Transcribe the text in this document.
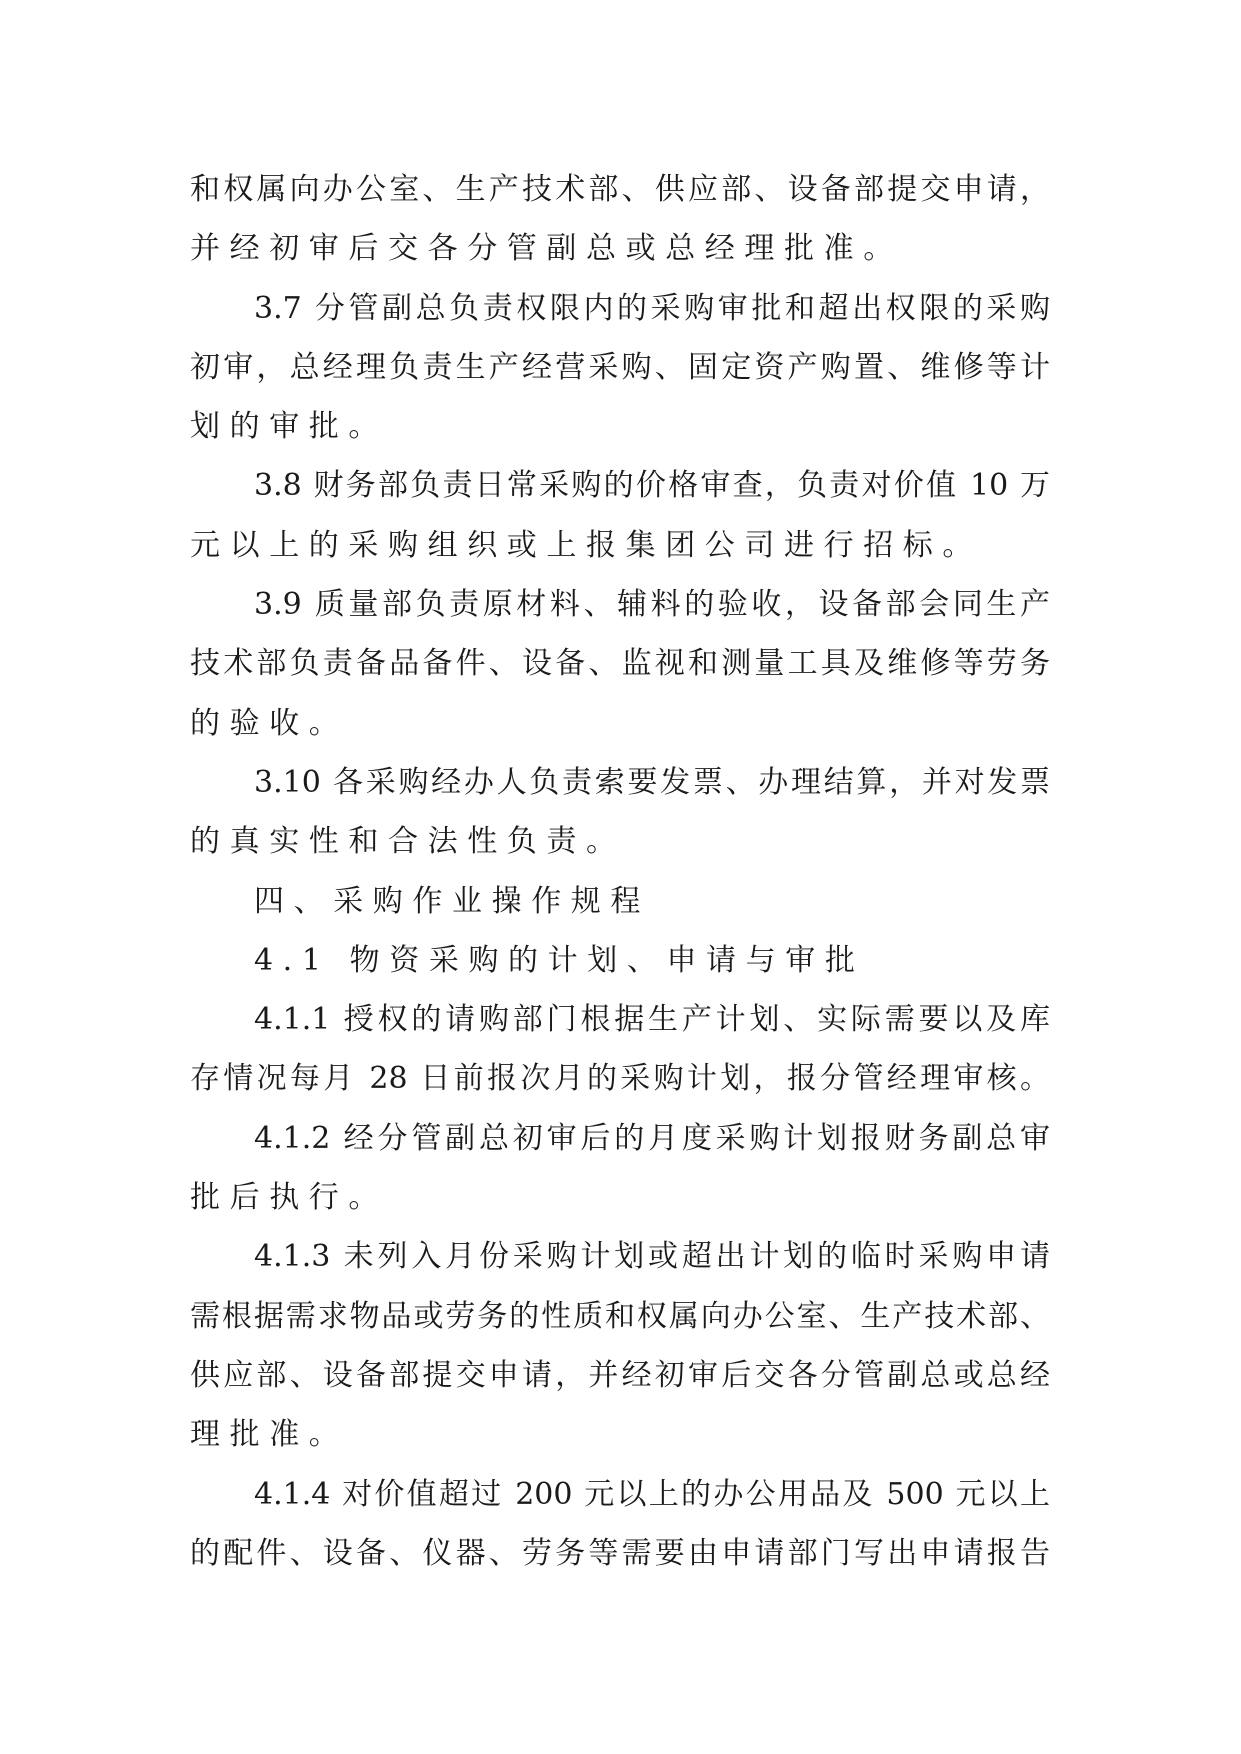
和权属向办公室、生产技术部、供应部、设备部提交申请，
并经初审后交各分管副总或总经理批准。
3.7 分管副总负责权限内的采购审批和超出权限的采购
初审，总经理负责生产经营采购、固定资产购置、维修等计
划的审批。
3.8 财务部负责日常采购的价格审查，负责对价值 10 万
元以上的采购组织或上报集团公司进行招标。
3.9 质量部负责原材料、辅料的验收，设备部会同生产
技术部负责备品备件、设备、监视和测量工具及维修等劳务
的验收。
3.10 各采购经办人负责索要发票、办理结算，并对发票
的真实性和合法性负责。
四、采购作业操作规程
4.1 物资采购的计划、申请与审批
4.1.1 授权的请购部门根据生产计划、实际需要以及库
存情况每月 28 日前报次月的采购计划，报分管经理审核。
4.1.2 经分管副总初审后的月度采购计划报财务副总审
批后执行。
4.1.3 未列入月份采购计划或超出计划的临时采购申请
需根据需求物品或劳务的性质和权属向办公室、生产技术部、
供应部、设备部提交申请，并经初审后交各分管副总或总经
理批准。
4.1.4 对价值超过 200 元以上的办公用品及 500 元以上
的配件、设备、仪器、劳务等需要由申请部门写出申请报告
